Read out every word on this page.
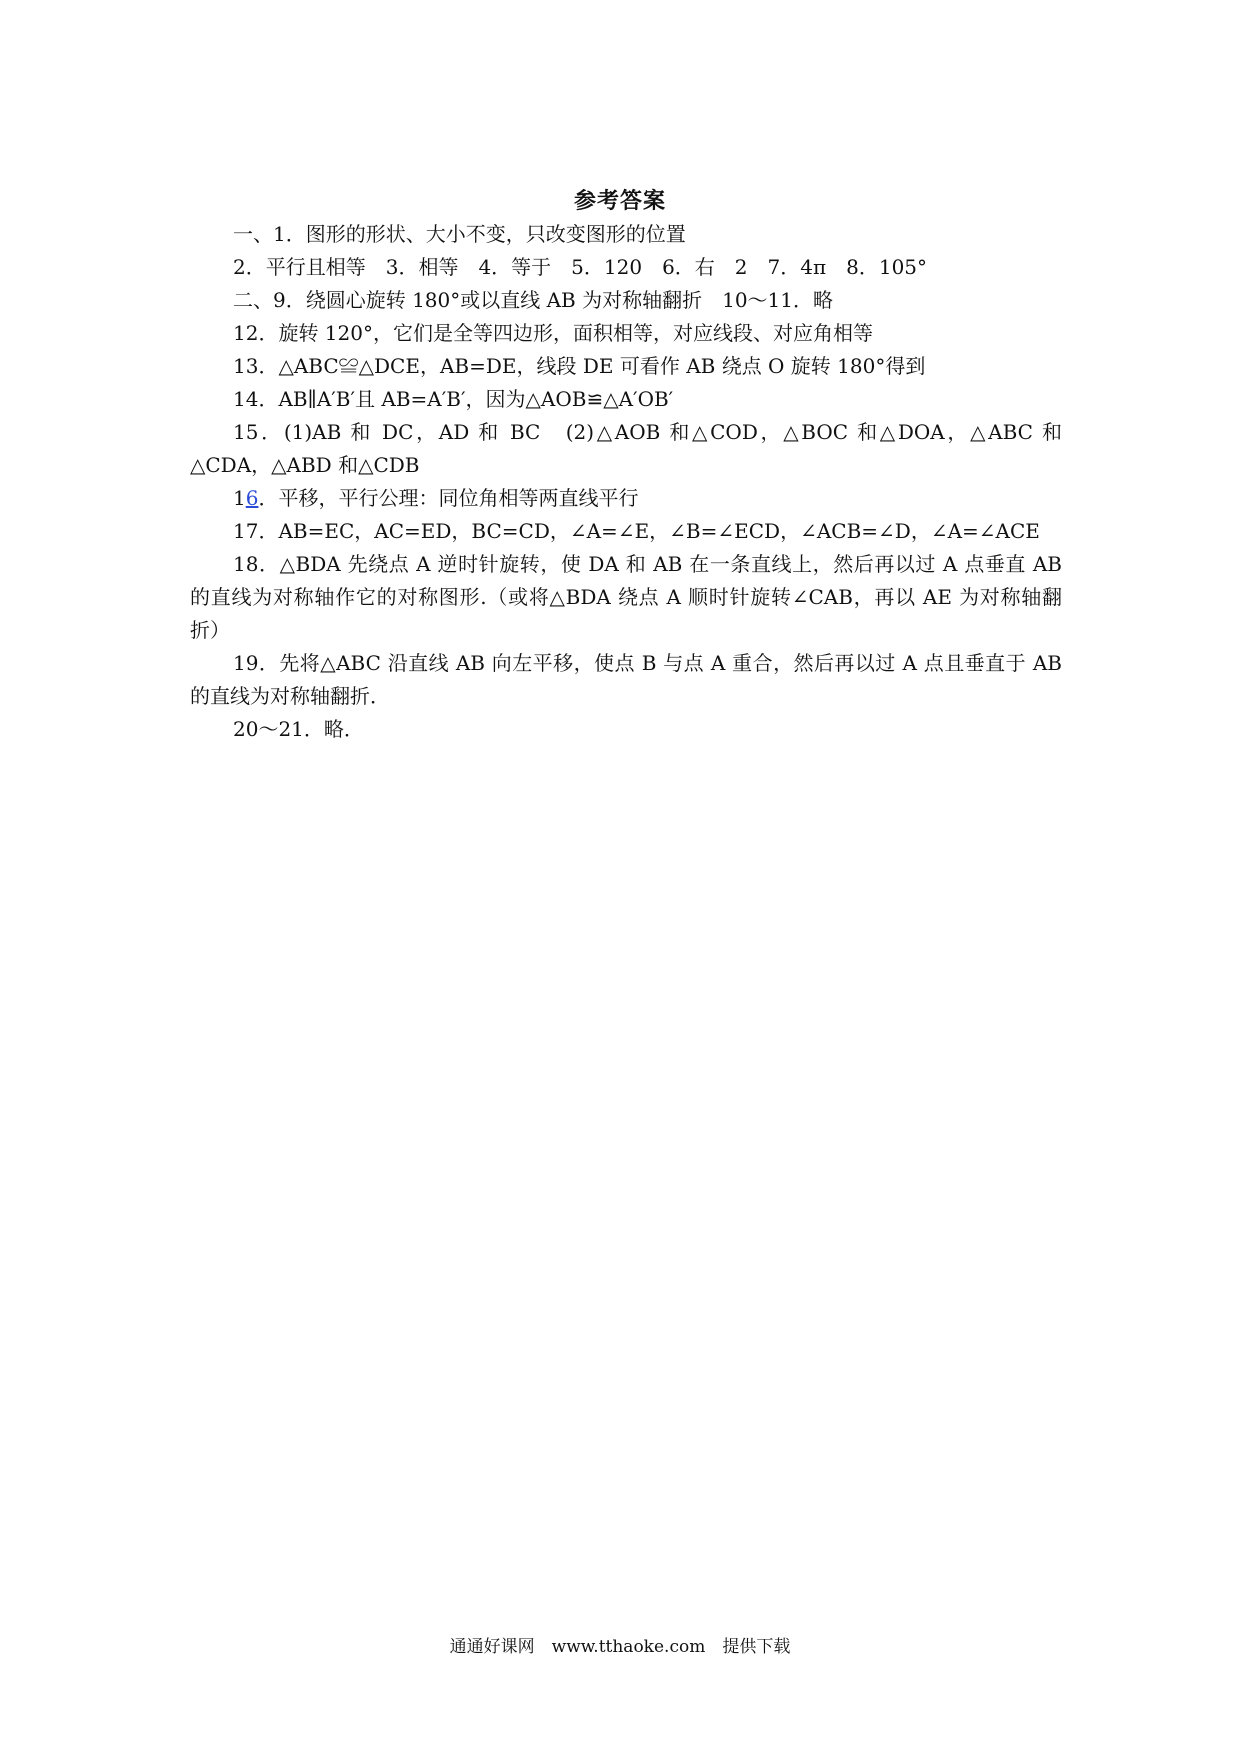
参考答案
一、1．图形的形状、大小不变，只改变图形的位置
2．平行且相等　3．相等　4．等于　5．120　6．右　2　7．4π　8．105°
二、9．绕圆心旋转 180°或以直线 AB 为对称轴翻折　10～11．略
12．旋转 120°，它们是全等四边形，面积相等，对应线段、对应角相等
13．△ABC≌△DCE，AB=DE，线段 DE 可看作 AB 绕点 O 旋转 180°得到
14．AB∥A′B′且 AB=A′B′，因为△AOB≌△A′OB′
15．(1)AB 和 DC，AD 和 BC　(2)△AOB 和△COD，△BOC 和△DOA，△ABC 和△CDA，△ABD 和△CDB
16．平移，平行公理：同位角相等两直线平行
17．AB=EC，AC=ED，BC=CD，∠A=∠E，∠B=∠ECD，∠ACB=∠D，∠A=∠ACE
18．△BDA 先绕点 A 逆时针旋转，使 DA 和 AB 在一条直线上，然后再以过 A 点垂直 AB 的直线为对称轴作它的对称图形.（或将△BDA 绕点 A 顺时针旋转∠CAB，再以 AE 为对称轴翻折）
19．先将△ABC 沿直线 AB 向左平移，使点 B 与点 A 重合，然后再以过 A 点且垂直于 AB 的直线为对称轴翻折．
20～21．略．
通通好课网　www.tthaoke.com　提供下载
